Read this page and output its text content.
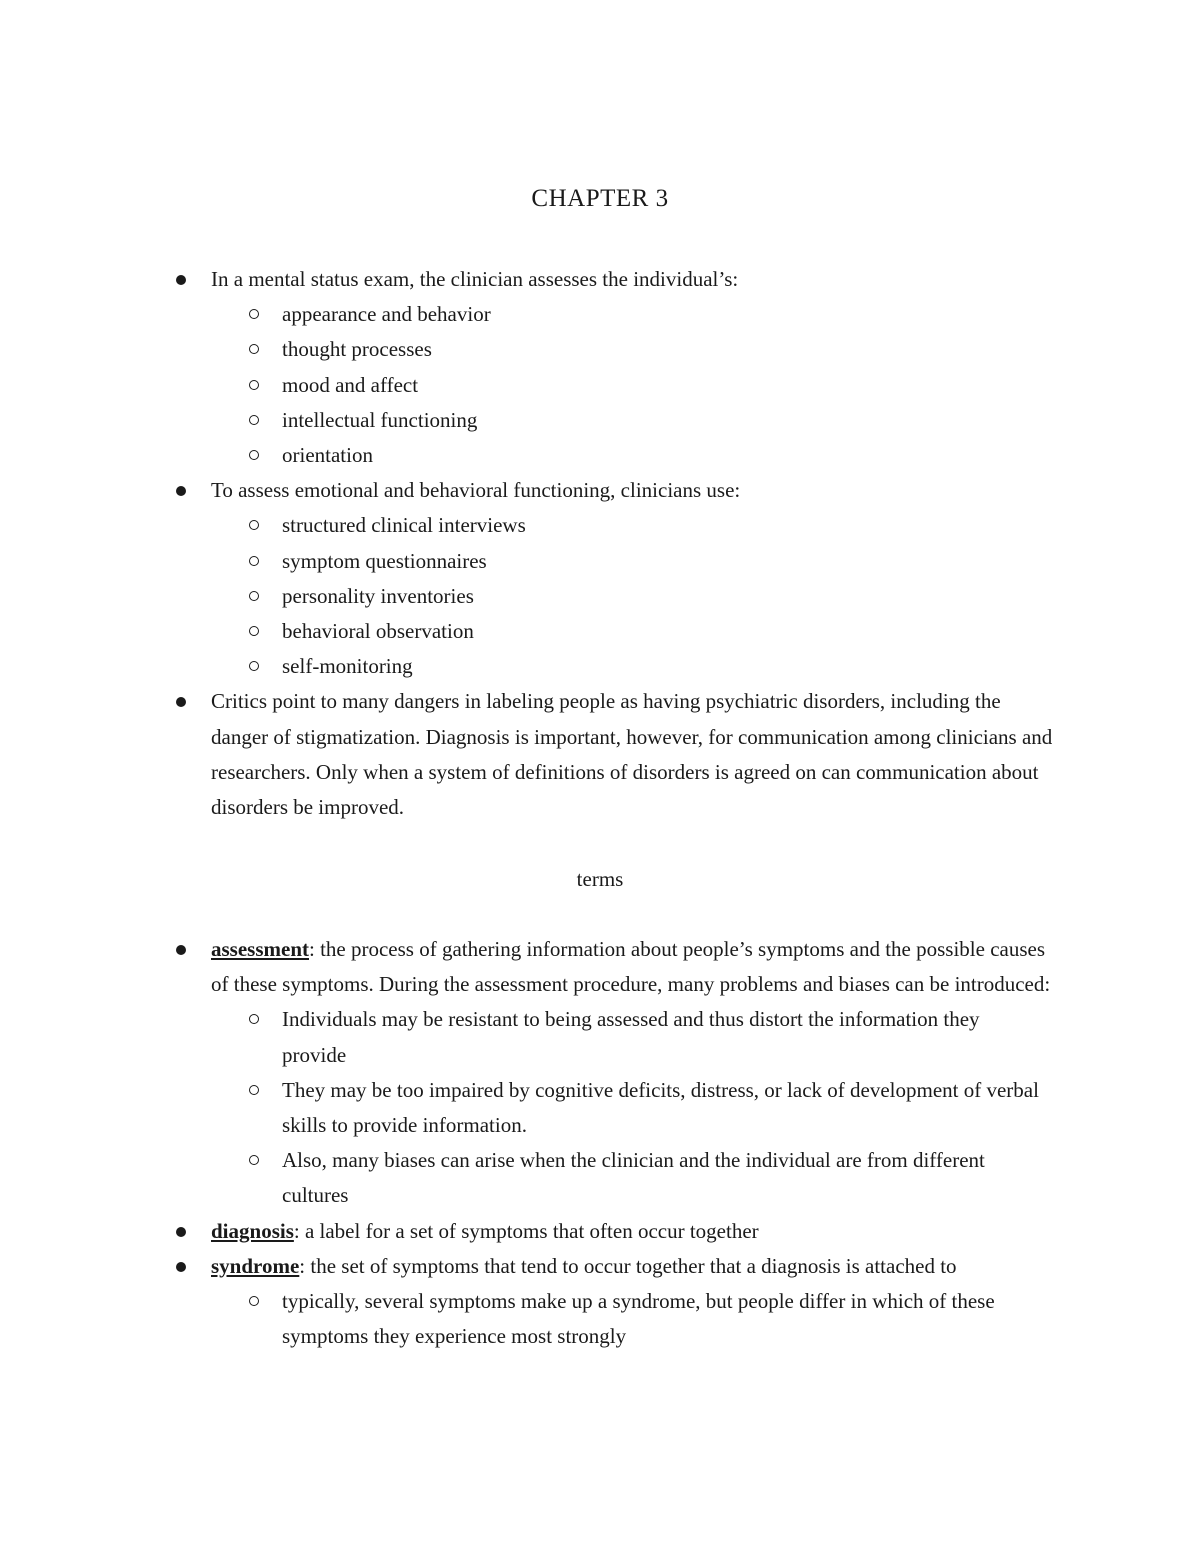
CHAPTER 3
In a mental status exam, the clinician assesses the individual’s:
appearance and behavior
thought processes
mood and affect
intellectual functioning
orientation
To assess emotional and behavioral functioning, clinicians use:
structured clinical interviews
symptom questionnaires
personality inventories
behavioral observation
self-monitoring
Critics point to many dangers in labeling people as having psychiatric disorders, including the danger of stigmatization. Diagnosis is important, however, for communication among clinicians and researchers. Only when a system of definitions of disorders is agreed on can communication about disorders be improved.
terms
assessment: the process of gathering information about people’s symptoms and the possible causes of these symptoms. During the assessment procedure, many problems and biases can be introduced:
Individuals may be resistant to being assessed and thus distort the information they provide
They may be too impaired by cognitive deficits, distress, or lack of development of verbal skills to provide information.
Also, many biases can arise when the clinician and the individual are from different cultures
diagnosis: a label for a set of symptoms that often occur together
syndrome: the set of symptoms that tend to occur together that a diagnosis is attached to
typically, several symptoms make up a syndrome, but people differ in which of these symptoms they experience most strongly
